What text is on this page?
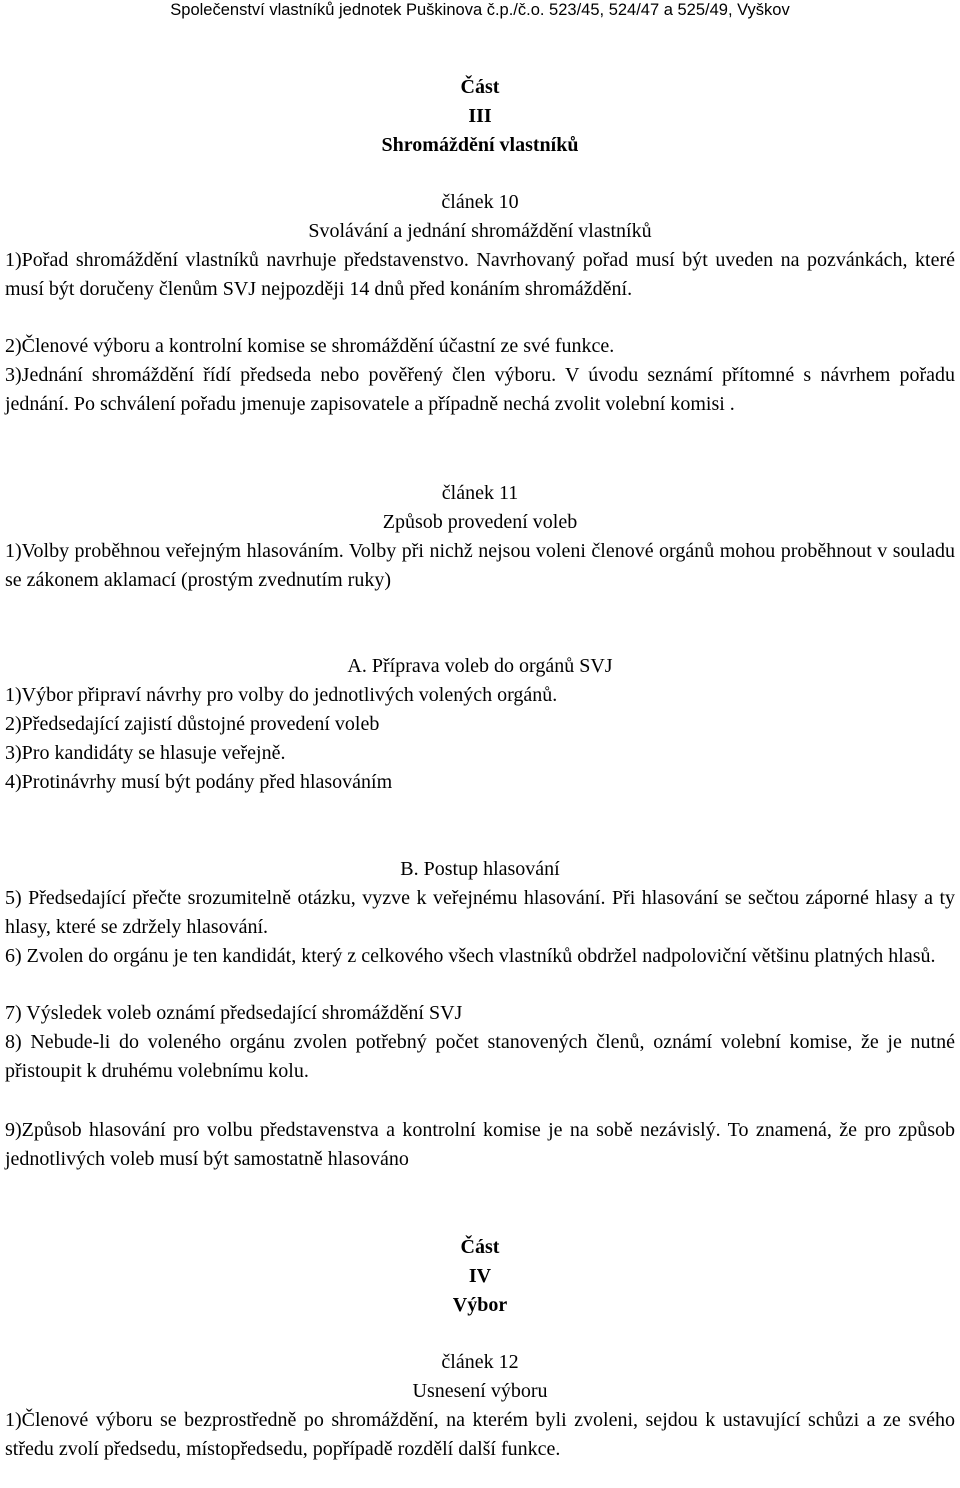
Společenství vlastníků jednotek Puškinova č.p./č.o. 523/45, 524/47 a 525/49, Vyškov
Část
III
Shromáždění vlastníků
článek 10
Svolávání a jednání shromáždění vlastníků

1)Pořad shromáždění vlastníků navrhuje představenstvo. Navrhovaný pořad musí být uveden na pozvánkách, které musí být doručeny členům SVJ nejpozději 14 dnů před konáním shromáždění.

2)Členové výboru a kontrolní komise se shromáždění účastní ze své funkce.

3)Jednání shromáždění řídí předseda nebo pověřený člen výboru. V úvodu seznámí přítomné s návrhem pořadu jednání. Po schválení pořadu jmenuje zapisovatele a případně nechá zvolit volební komisi .

článek 11
Způsob provedení voleb

1)Volby proběhnou veřejným hlasováním. Volby při nichž nejsou voleni členové orgánů mohou proběhnout v souladu se zákonem aklamací (prostým zvednutím ruky)

A. Příprava voleb do orgánů SVJ
1)Výbor připraví návrhy pro volby do jednotlivých volených orgánů.
2)Předsedající zajistí důstojné provedení voleb
3)Pro kandidáty se hlasuje veřejně.
4)Protinávrhy musí být podány před hlasováním
B. Postup hlasování

5) Předsedající přečte srozumitelně otázku, vyzve k veřejnému hlasování. Při hlasování se sečtou záporné hlasy a ty hlasy, které se zdržely hlasování.

6) Zvolen do orgánu je ten kandidát, který z celkového všech vlastníků obdržel nadpoloviční většinu platných hlasů.

7) Výsledek voleb oznámí předsedající shromáždění SVJ

8) Nebude-li do voleného orgánu zvolen potřebný počet stanovených členů, oznámí volební komise, že je nutné přistoupit k druhému volebnímu kolu.

9)Způsob hlasování pro volbu představenstva a kontrolní komise je na sobě nezávislý. To znamená, že pro způsob jednotlivých voleb musí být samostatně hlasováno

Část
IV
Výbor
článek 12
Usnesení výboru

1)Členové výboru se bezprostředně po shromáždění, na kterém byli zvoleni, sejdou k ustavující schůzi a ze svého středu zvolí předsedu, místopředsedu, popřípadě rozdělí další funkce.
